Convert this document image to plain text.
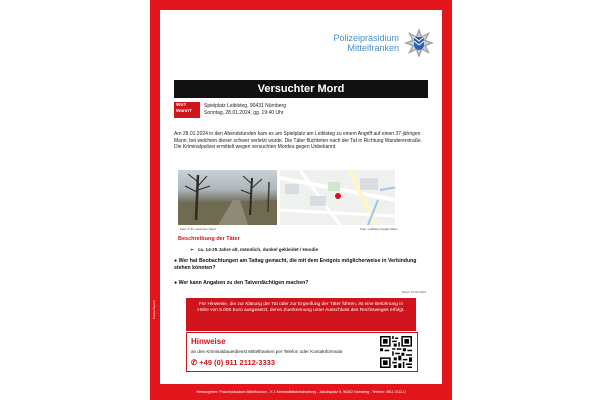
Polizei Bayern
Polizeipräsidium
Mittelfranken
Versuchter Mord
Wo?
Wann?
Spielplatz Leiblsteg, 90431 Nürnberg
Sonntag, 28.01.2024, gg. 19:40 Uhr
Am 28.01.2024 in den Abendstunden kam es am Spielplatz am Leiblsteg zu einem Angriff auf einen 37-jährigen Mann, bei welchem dieser schwer verletzt wurde. Die Täter flüchteten nach der Tat in Richtung Wandererstraße. Die Kriminalpolizei ermittelt wegen versuchten Mordes gegen Unbekannt.
Foto: K 31, weiß den Tatort	Foto: Leiflsteg Google Maps
Beschreibung der Täter
➢ ca. 14-25 Jahre alt, männlich, dunkel gekleidet / Hoodie
● Wer hat Beobachtungen am Tattag gemacht, die mit dem Ereignis möglicherweise in Verbindung stehen könnten?
● Wer kann Angaben zu den Tatverdächtigen machen?
Stand: 10.02.2024
Für Hinweise, die zur Klärung der Tat oder zur Ergreifung der Täter führen, ist eine Belohnung in Höhe von 5.000 Euro ausgesetzt, deren Zuerkennung unter Ausschluss des Rechtsweges erfolgt.
Hinweise
an den Kriminaldauerdienst Mittelfranken per Telefon oder Kontaktformular
✆ +49 (0) 911 2112-3333
Herausgeber: Polizeipräsidium Mittelfranken - K 1 Kriminalitätsbekämpfung - Jakobsplatz 5, 90402 Nürnberg - Telefon: 0911 2112-0
